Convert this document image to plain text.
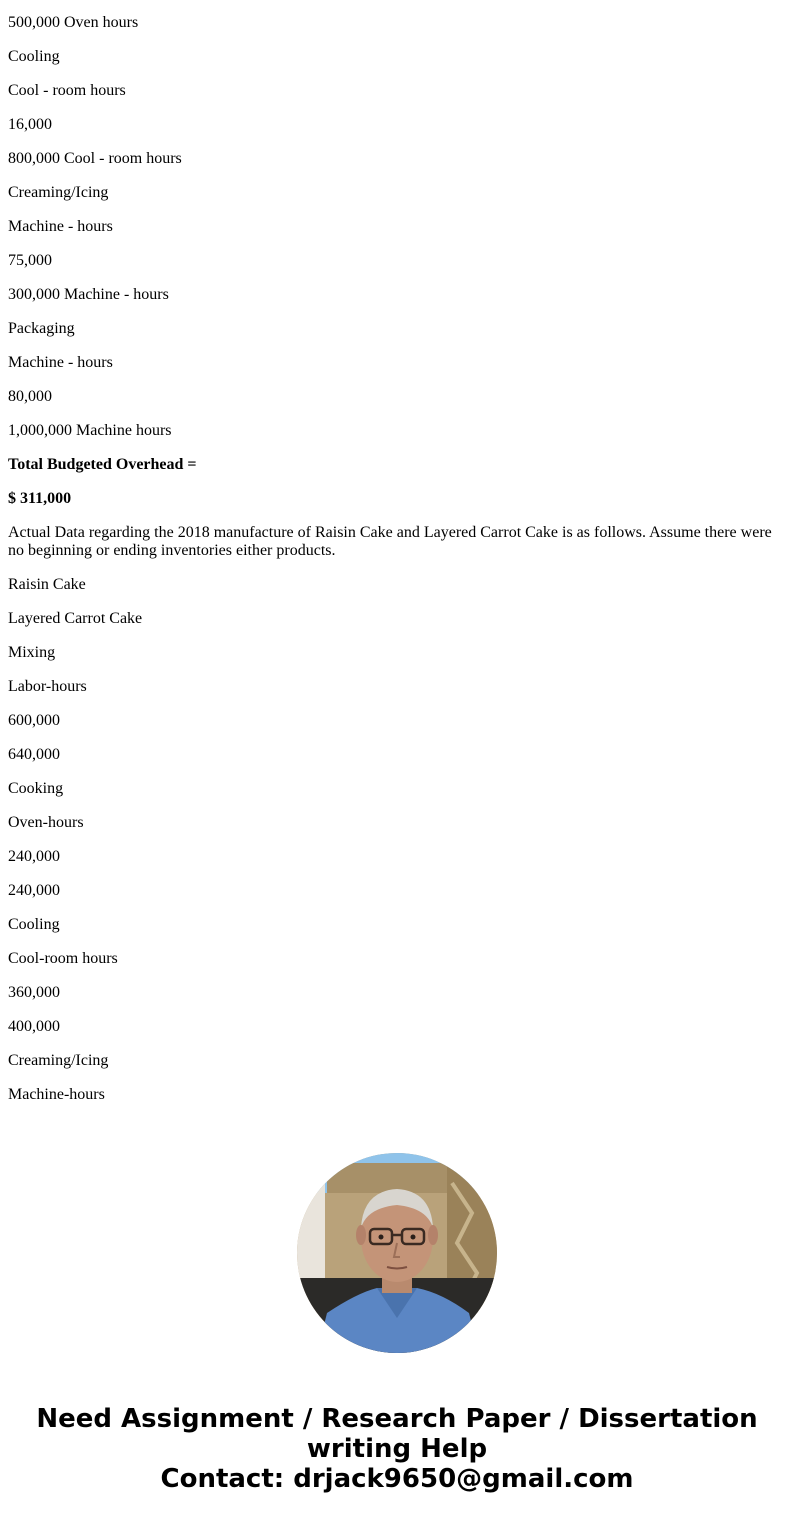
500,000 Oven hours

Cooling

Cool - room hours

16,000

800,000 Cool - room hours

Creaming/Icing

Machine - hours

75,000

300,000 Machine - hours

Packaging

Machine - hours

80,000

1,000,000 Machine hours

Total Budgeted Overhead =

$ 311,000

Actual Data regarding the 2018 manufacture of Raisin Cake and Layered Carrot Cake is as follows. Assume there were no beginning or ending inventories either products.

Raisin Cake

Layered Carrot Cake

Mixing

Labor-hours

600,000

640,000

Cooking

Oven-hours

240,000

240,000

Cooling

Cool-room hours

360,000

400,000

Creaming/Icing

Machine-hours

Need Assignment / Research Paper / Dissertation
writing Help
Contact: drjack9650@gmail.com
